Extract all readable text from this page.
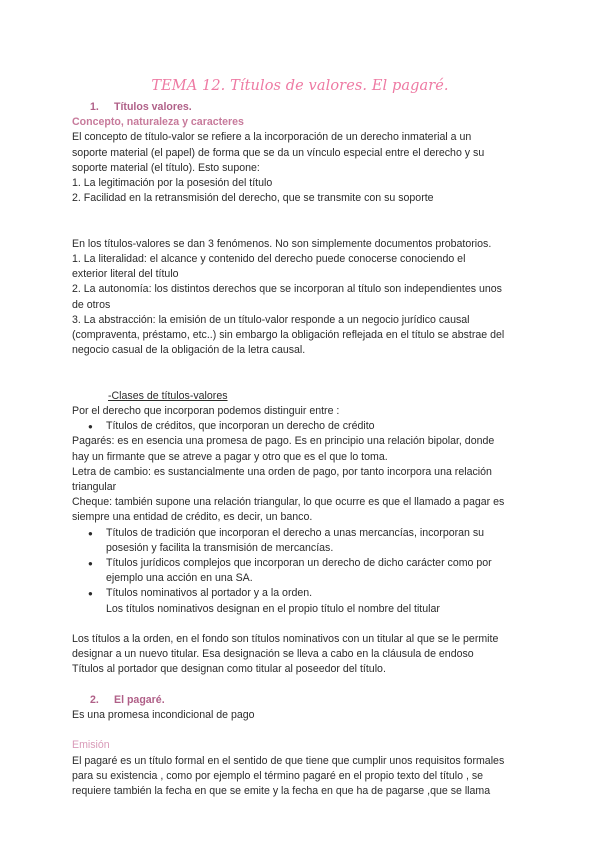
TEMA 12. Títulos de valores. El pagaré.

1. Títulos valores.

Concepto, naturaleza y caracteres

El concepto de título-valor se refiere a la incorporación de un derecho inmaterial a un

soporte material (el papel) de forma que se da un vínculo especial entre el derecho y su

soporte material (el título). Esto supone:

1. La legitimación por la posesión del título

2. Facilidad en la retransmisión del derecho, que se transmite con su soporte

En los títulos-valores se dan 3 fenómenos. No son simplemente documentos probatorios.

1. La literalidad: el alcance y contenido del derecho puede conocerse conociendo el

exterior literal del título

2. La autonomía: los distintos derechos que se incorporan al título son independientes unos

de otros

3. La abstracción: la emisión de un título-valor responde a un negocio jurídico causal

(compraventa, préstamo, etc..) sin embargo la obligación reflejada en el título se abstrae del

negocio casual de la obligación de la letra causal.

-Clases de títulos-valores

Por el derecho que incorporan podemos distinguir entre :

● Títulos de créditos, que incorporan un derecho de crédito

Pagarés: es en esencia una promesa de pago. Es en principio una relación bipolar, donde

hay un firmante que se atreve a pagar y otro que es el que lo toma.

Letra de cambio: es sustancialmente una orden de pago, por tanto incorpora una relación

triangular

Cheque: también supone una relación triangular, lo que ocurre es que el llamado a pagar es

siempre una entidad de crédito, es decir, un banco.

● Títulos de tradición que incorporan el derecho a unas mercancías, incorporan su
posesión y facilita la transmisión de mercancías.
● Títulos jurídicos complejos que incorporan un derecho de dicho carácter como por
ejemplo una acción en una SA.
● Títulos nominativos al portador y a la orden.
Los títulos nominativos designan en el propio título el nombre del titular

Los títulos a la orden, en el fondo son títulos nominativos con un titular al que se le permite

designar a un nuevo titular. Esa designación se lleva a cabo en la cláusula de endoso

Títulos al portador que designan como titular al poseedor del título.

2. El pagaré.

Es una promesa incondicional de pago

Emisión

El pagaré es un título formal en el sentido de que tiene que cumplir unos requisitos formales

para su existencia , como por ejemplo el término pagaré en el propio texto del título , se

requiere también la fecha en que se emite y la fecha en que ha de pagarse ,que se llama
